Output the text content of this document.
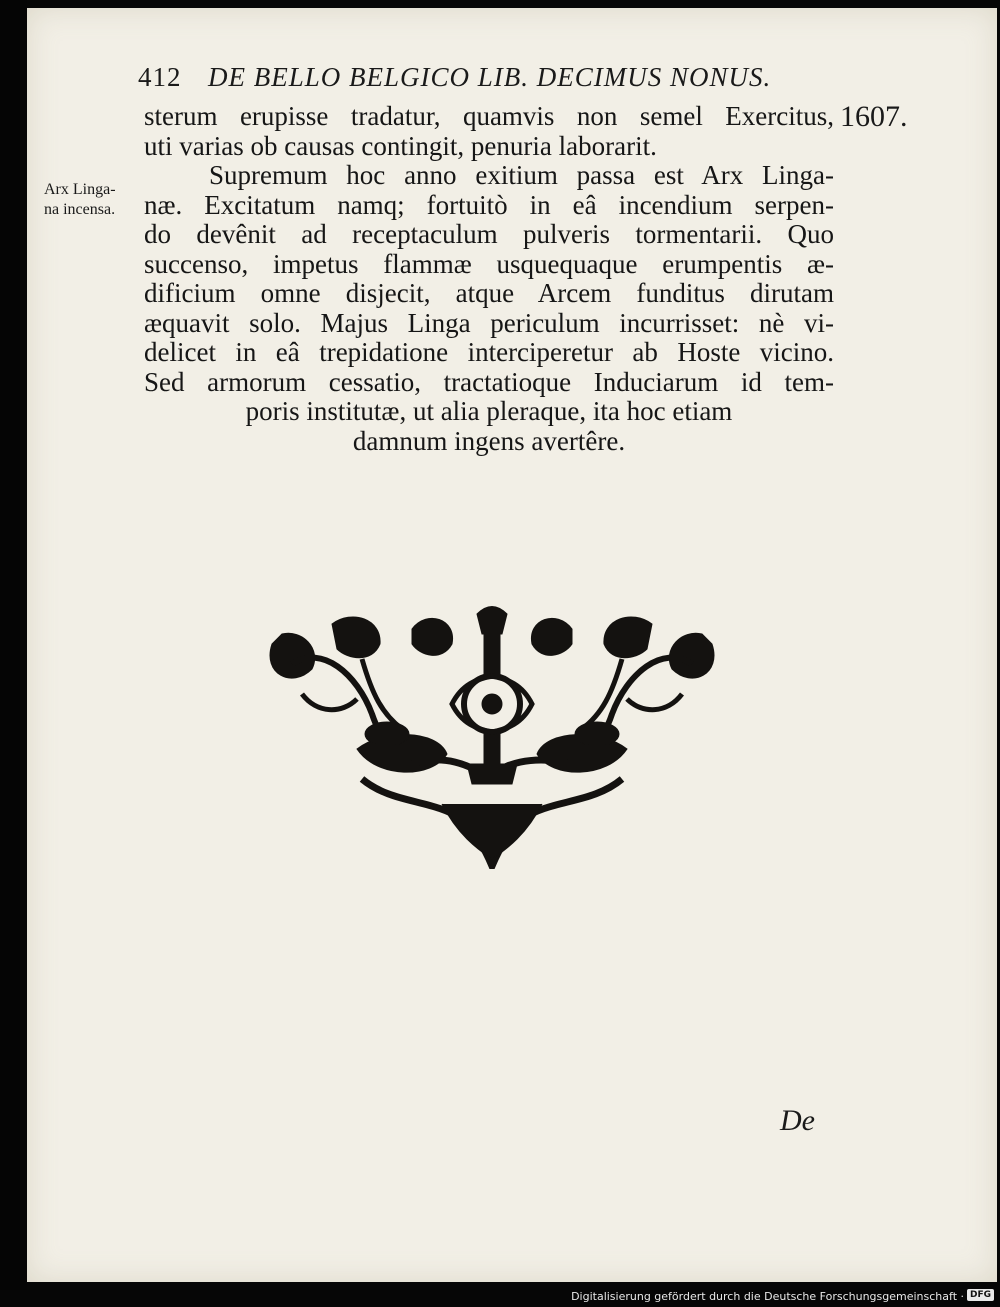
412 DE BELLO BELGICO LIB. DECIMUS NONUS.
1607.
Arx Linga-
na incensa.
sterum erupisse tradatur, quamvis non semel Exercitus,
uti varias ob causas contingit, penuria laborarit.
Supremum hoc anno exitium passa est Arx Linga-
næ. Excitatum namq; fortuitò in eâ incendium serpen-
do devênit ad receptaculum pulveris tormentarii. Quo
succenso, impetus flammæ usquequaque erumpentis æ-
dificium omne disjecit, atque Arcem funditus dirutam
æquavit solo. Majus Linga periculum incurrisset: nè vi-
delicet in eâ trepidatione interciperetur ab Hoste vicino.
Sed armorum cessatio, tractatioque Induciarum id tem-
poris institutæ, ut alia pleraque, ita hoc etiam
damnum ingens avertêre.
De
Digitalisierung gefördert durch die Deutsche Forschungsgemeinschaft · DFG
